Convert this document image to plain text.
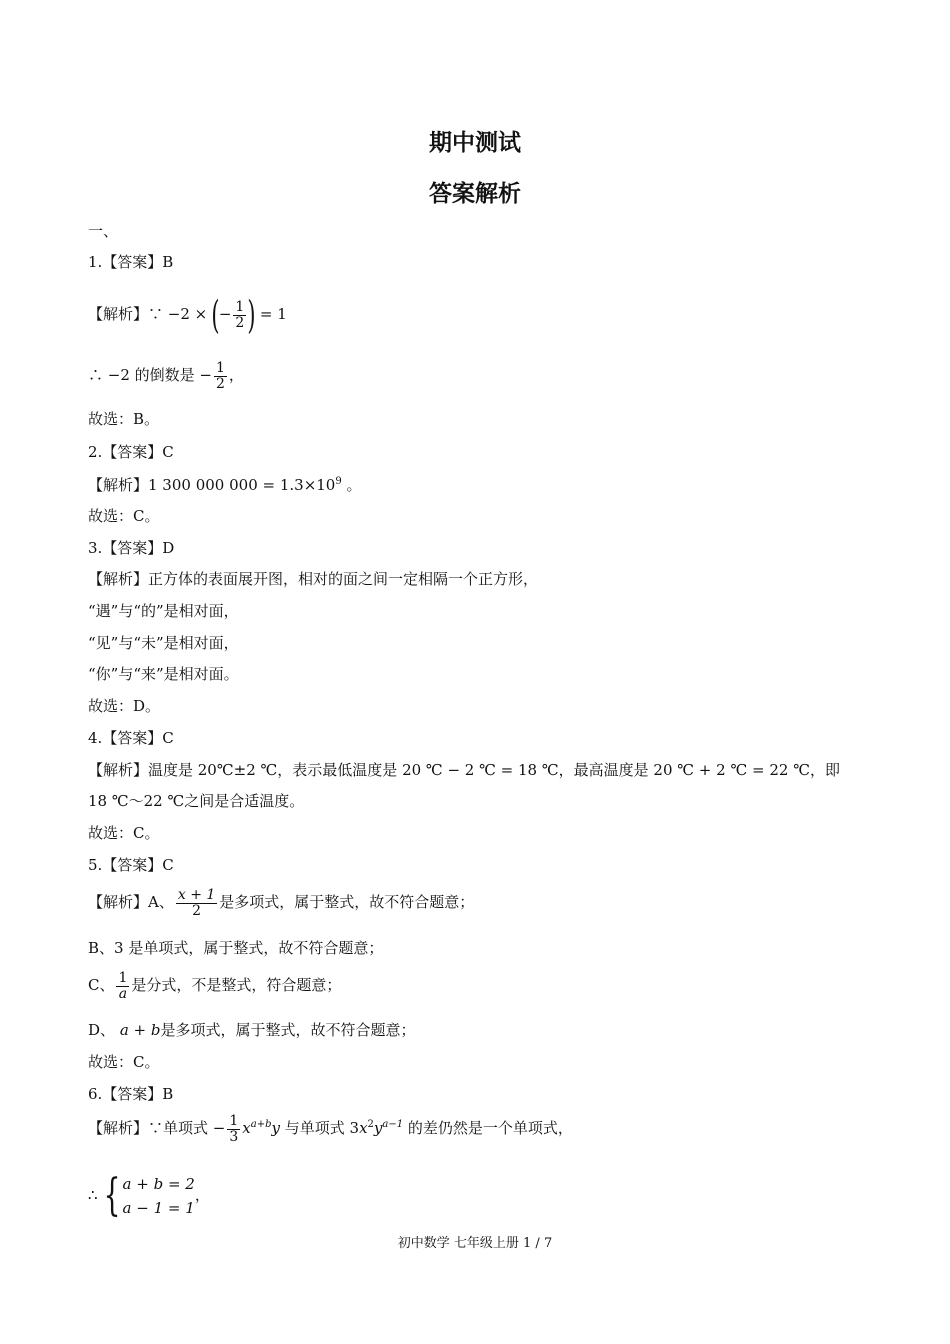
期中测试
答案解析
一、
1.【答案】B
【解析】∵ −2 × (− $\frac{1}{2}$ ) = 1
∴ −2 的倒数是 − $\frac{1}{2}$ ，
故选：B。
2.【答案】C
【解析】1 300 000 $000 = 1.3\times 10^9$ 。
故选：C。
3.【答案】D
【解析】正方体的表面展开图，相对的面之间一定相隔一个正方形，
“遇”与“的”是相对面，
“见”与“未”是相对面，
“你”与“来”是相对面。
故选：D。
4.【答案】C
【解析】温度是 20℃±2 ℃，表示最低温度是 20 ℃ − 2 ℃ = 18 ℃，最高温度是 20 ℃ + 2 ℃ = 22 ℃，即
18 ℃～22 ℃之间是合适温度。
故选：C。
5.【答案】C
【解析】A、 $\frac{x + 1}{2}$ 是多项式，属于整式，故不符合题意；
B、3 是单项式，属于整式，故不符合题意；
C、 $\frac{1}{a}$ 是分式，不是整式，符合题意；
D、 a + b是多项式，属于整式，故不符合题意；
故选：C。
6.【答案】B
【解析】∵单项式 − $\frac{1}{3} x^{a+b}y$ 与单项式 $3x^2y^{a-1}$ 的差仍然是一个单项式，
∴ { a + b = 2
a − 1 = 1
，
初中数学 七年级上册 1 / 7
